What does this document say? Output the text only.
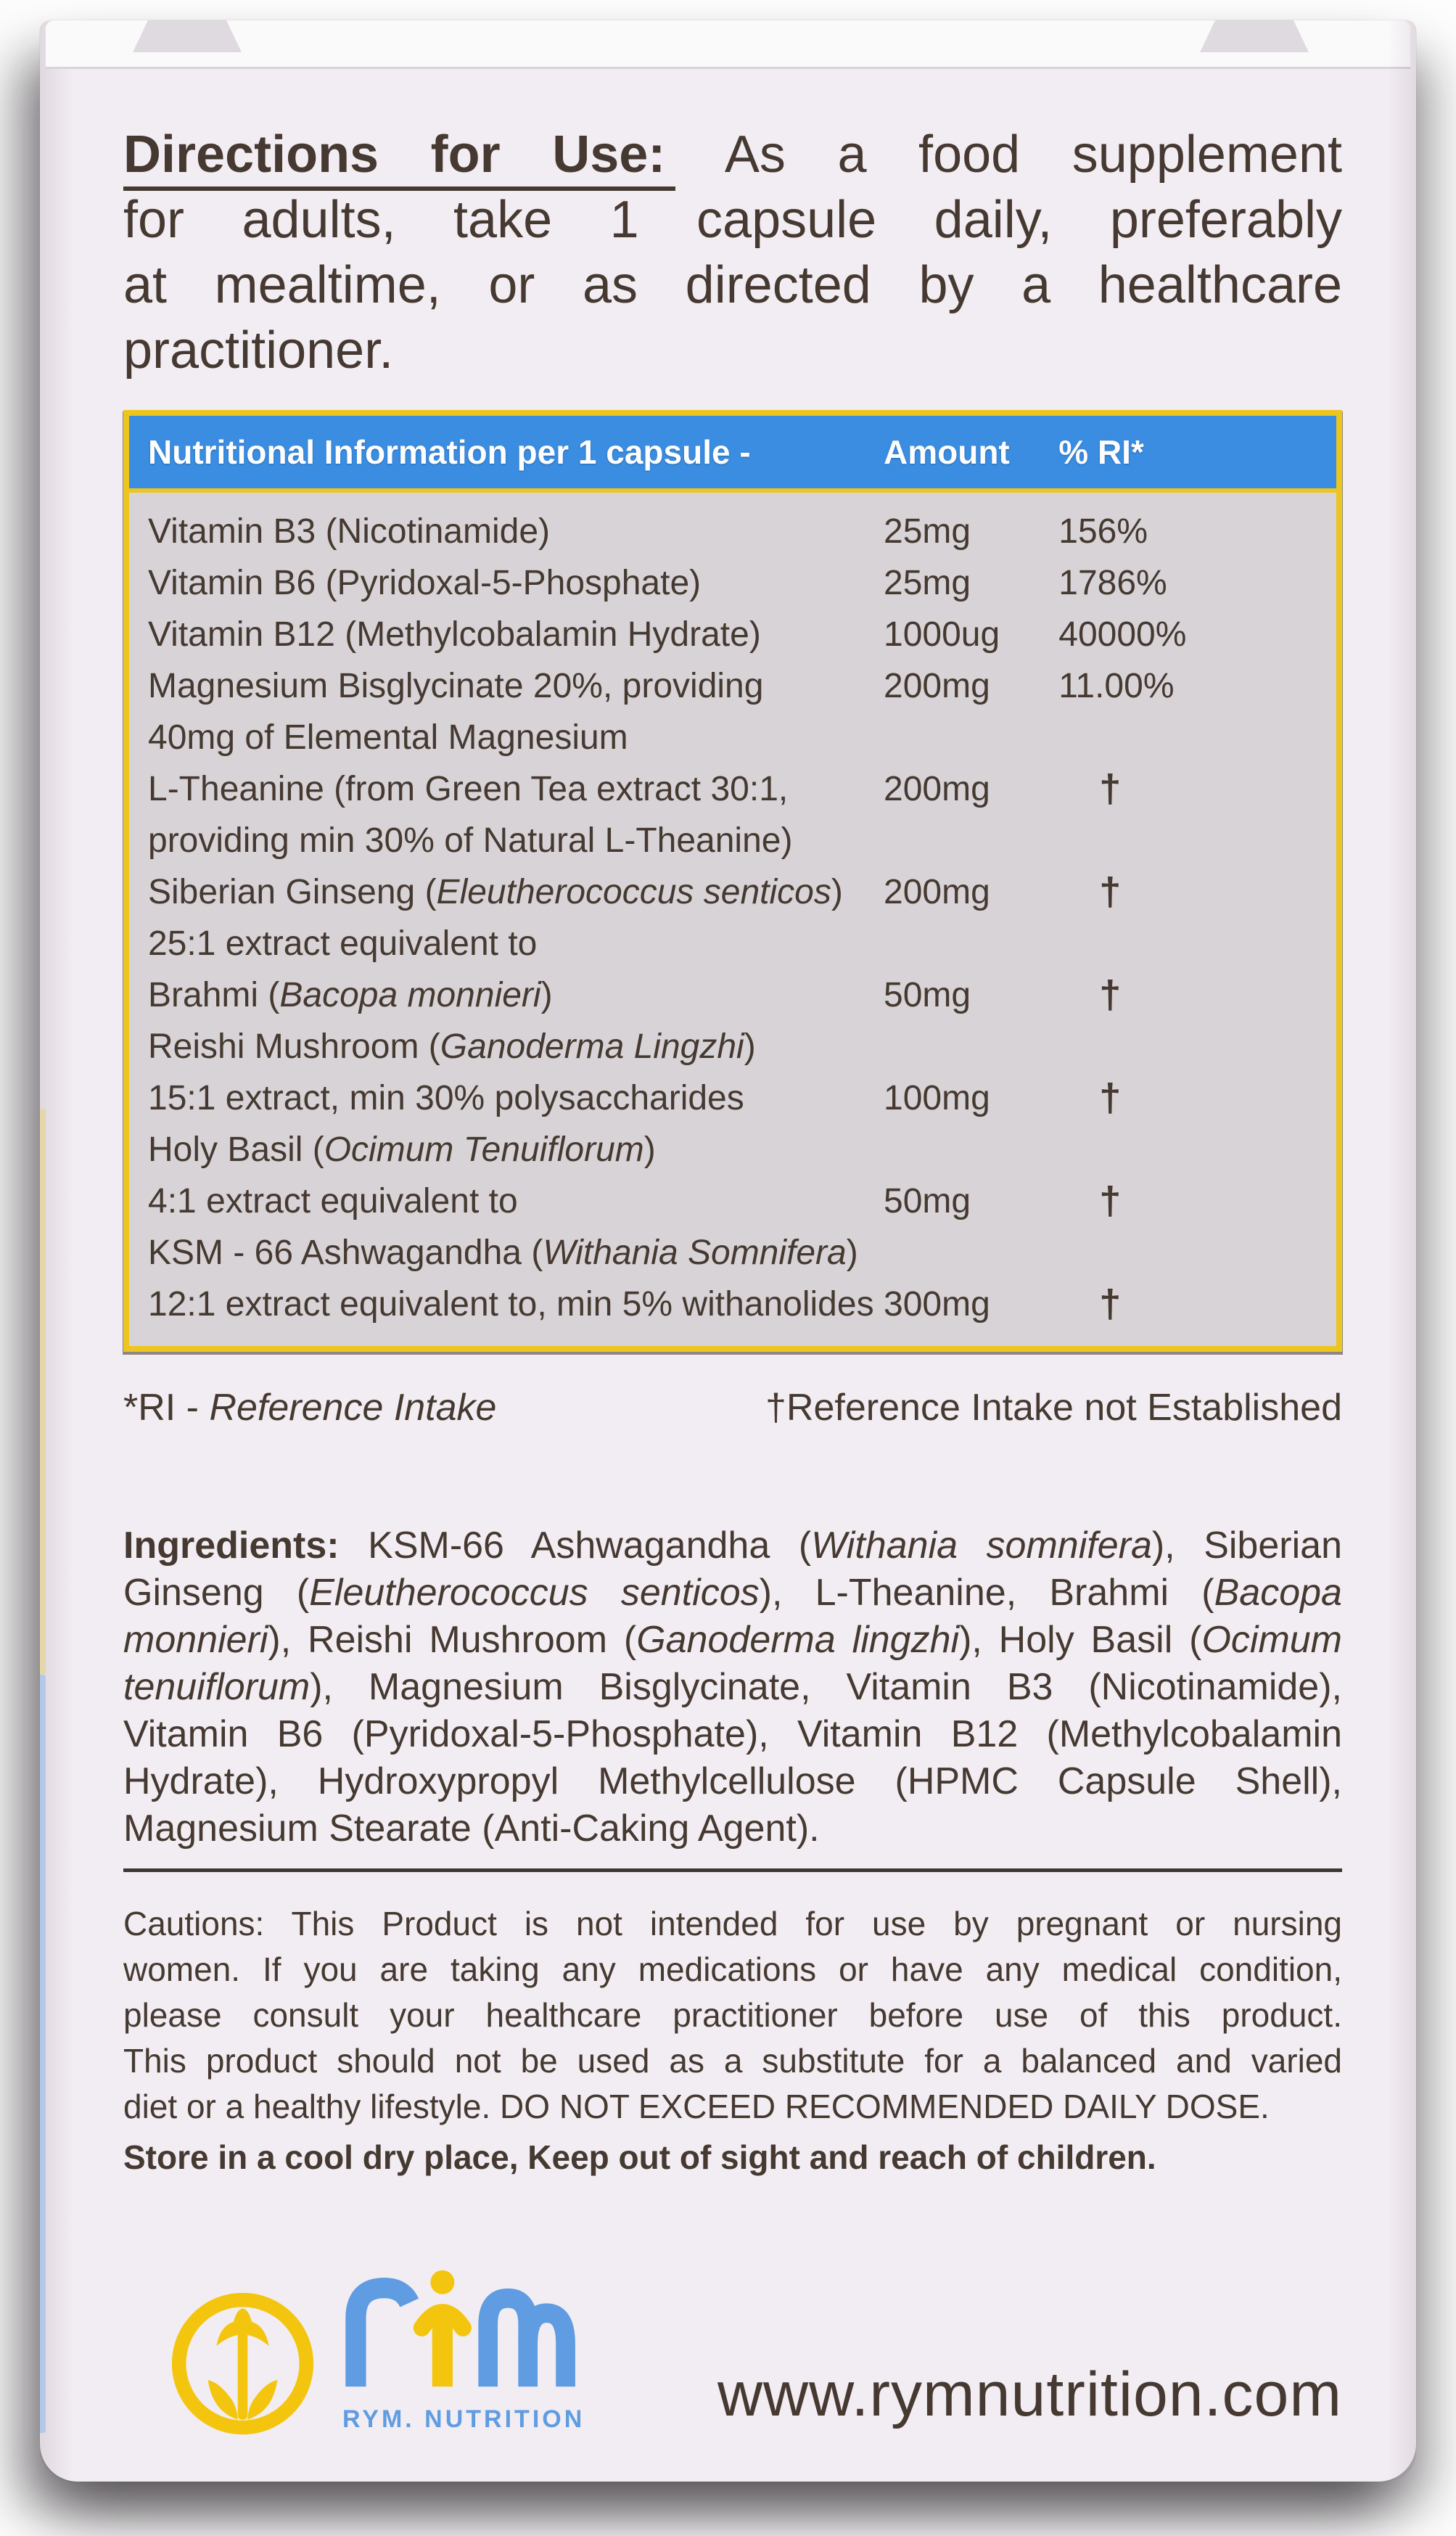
Directions for Use: As a food supplement
for adults, take 1 capsule daily, preferably
at mealtime, or as directed by a healthcare
practitioner.
Nutritional Information per 1 capsule -	Amount % RI*
Vitamin B3 (Nicotinamide)	25mg	156%
Vitamin B6 (Pyridoxal-5-Phosphate)	25mg	1786%
Vitamin B12 (Methylcobalamin Hydrate)	1000ug 40000%
Magnesium Bisglycinate 20%, providing	200mg 11.00%
40mg of Elemental Magnesium
L-Theanine (from Green Tea extract 30:1,	200mg	†
providing min 30% of Natural L-Theanine)
Siberian Ginseng (Eleutherococcus senticos) 200mg	†
25:1 extract equivalent to
Brahmi (Bacopa monnieri)	50mg	†
Reishi Mushroom (Ganoderma Lingzhi)
15:1 extract, min 30% polysaccharides	100mg	†
Holy Basil (Ocimum Tenuiflorum)
4:1 extract equivalent to	50mg	†
KSM - 66 Ashwagandha (Withania Somnifera)
12:1 extract equivalent to, min 5% withanolides 300mg	†
*RI - Reference Intake	†Reference Intake not Established
Ingredients: KSM-66 Ashwagandha (Withania somnifera), Siberian
Ginseng (Eleutherococcus senticos), L-Theanine, Brahmi (Bacopa
monnieri), Reishi Mushroom (Ganoderma lingzhi), Holy Basil (Ocimum
tenuiflorum), Magnesium Bisglycinate, Vitamin B3 (Nicotinamide),
Vitamin B6 (Pyridoxal-5-Phosphate), Vitamin B12 (Methylcobalamin
Hydrate), Hydroxypropyl Methylcellulose (HPMC Capsule Shell),
Magnesium Stearate (Anti-Caking Agent).
Cautions: This Product is not intended for use by pregnant or nursing
women. If you are taking any medications or have any medical condition,
please consult your healthcare practitioner before use of this product.
This product should not be used as a substitute for a balanced and varied
diet or a healthy lifestyle. DO NOT EXCEED RECOMMENDED DAILY DOSE.
Store in a cool dry place, Keep out of sight and reach of children.
RYM. NUTRITION www.rymnutrition.com
